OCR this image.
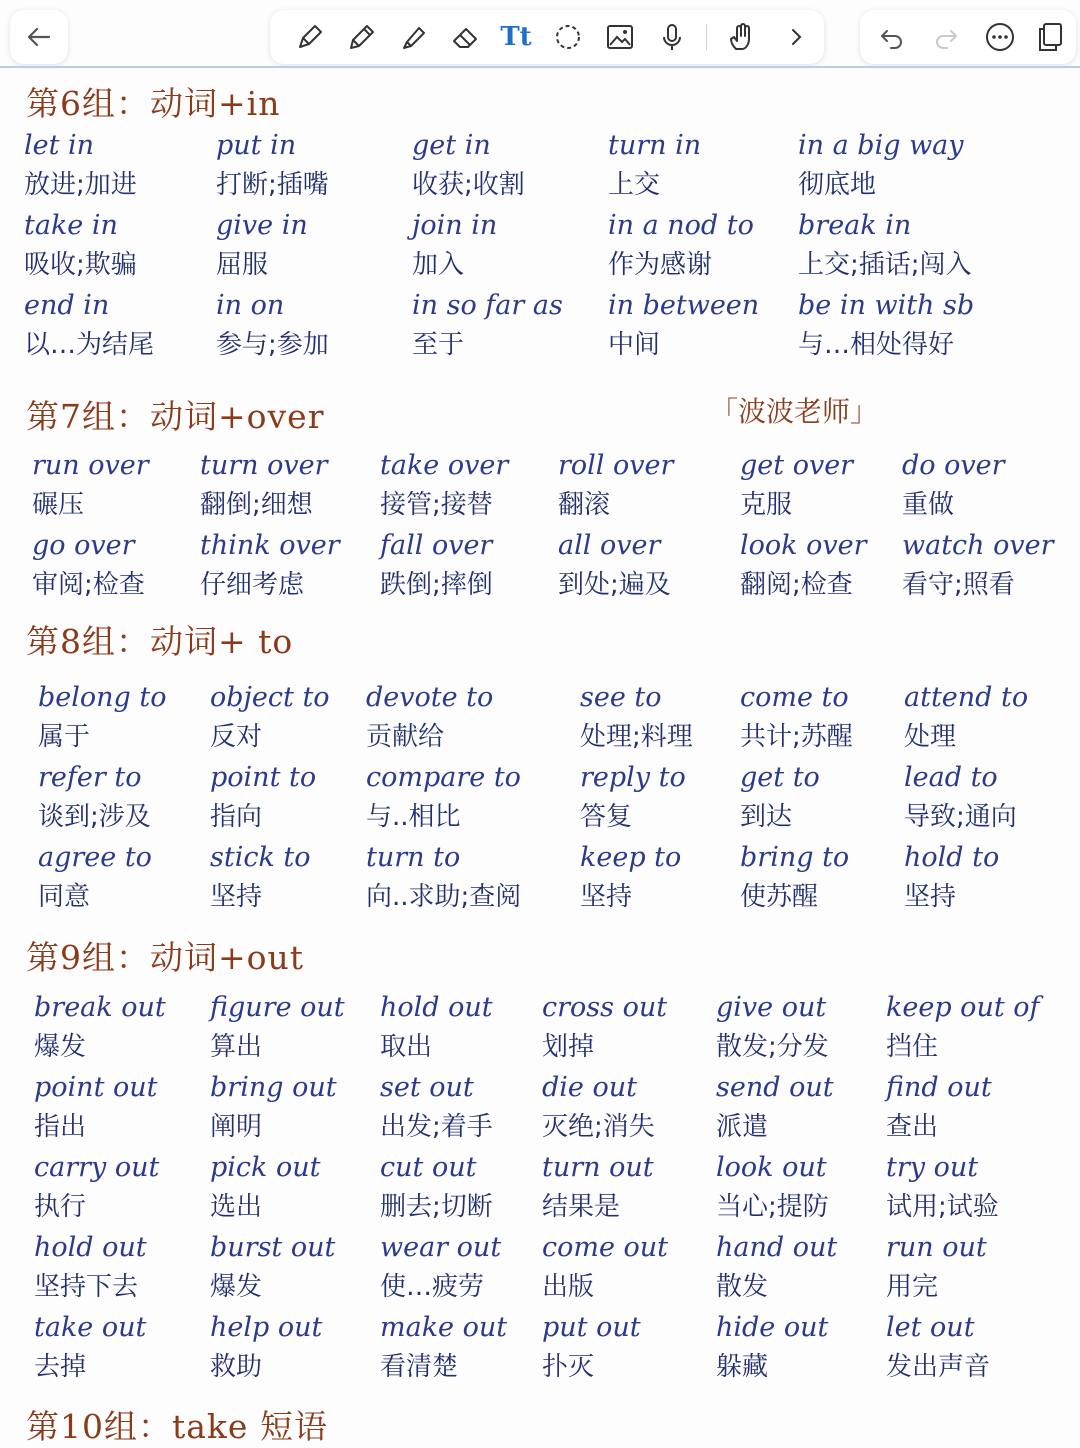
Tt
第6组：动词+in
let in
放进;加进
put in
打断;插嘴
get in
收获;收割
turn in
上交
in a big way
彻底地
take in
吸收;欺骗
give in
屈服
join in
加入
in a nod to
作为感谢
break in
上交;插话;闯入
end in
以…为结尾
in on
参与;参加
in so far as
至于
in between
中间
be in with sb
与…相处得好
第7组：动词+over	「波波老师」
run over
碾压
turn over
翻倒;细想
take over
接管;接替
roll over
翻滚
get over
克服
do over
重做
go over
审阅;检查
think over
仔细考虑
fall over
跌倒;摔倒
all over
到处;遍及
look over
翻阅;检查
watch over
看守;照看
第8组：动词+ to
belong to
属于
object to
反对
devote to
贡献给
see to
处理;料理
come to
共计;苏醒
attend to
处理
refer to
谈到;涉及
point to
指向
compare to
与..相比
reply to
答复
get to
到达
lead to
导致;通向
agree to
同意
stick to
坚持
turn to
向..求助;查阅
keep to
坚持
bring to
使苏醒
hold to
坚持
第9组：动词+out
break out
爆发
figure out
算出
hold out
取出
cross out
划掉
give out
散发;分发
keep out of
挡住
point out
指出
bring out
阐明
set out
出发;着手
die out
灭绝;消失
send out
派遣
find out
查出
carry out
执行
pick out
选出
cut out
删去;切断
turn out
结果是
look out
当心;提防
try out
试用;试验
hold out
坚持下去
burst out
爆发
wear out
使…疲劳
come out
出版
hand out
散发
run out
用完
take out
去掉
help out
救助
make out
看清楚
put out
扑灭
hide out
躲藏
let out
发出声音
第10组：take 短语
